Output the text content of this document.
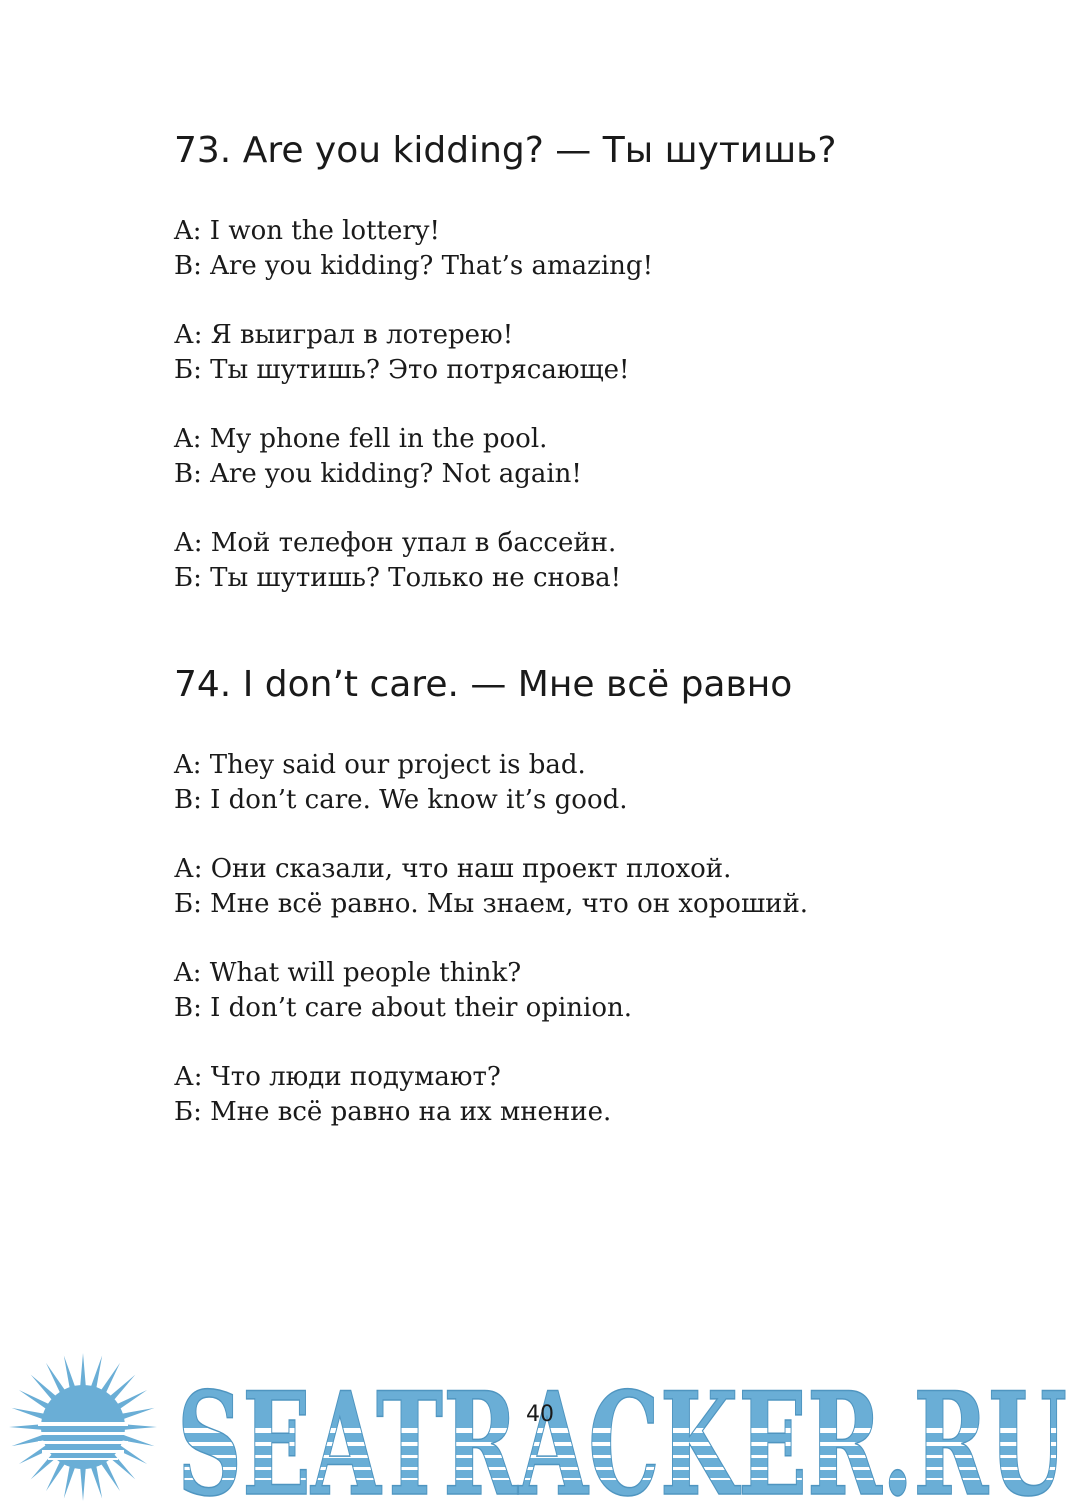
73. Are you kidding? — Ты шутишь?
A: I won the lottery!
B: Are you kidding? That’s amazing!
А: Я выиграл в лотерею!
Б: Ты шутишь? Это потрясающе!
A: My phone fell in the pool.
B: Are you kidding? Not again!
А: Мой телефон упал в бассейн.
Б: Ты шутишь? Только не снова!
74. I don’t care. — Мне всё равно
A: They said our project is bad.
B: I don’t care. We know it’s good.
А: Они сказали, что наш проект плохой.
Б: Мне всё равно. Мы знаем, что он хороший.
A: What will people think?
B: I don’t care about their opinion.
А: Что люди подумают?
Б: Мне всё равно на их мнение.
SEATRACKER.RU
40
